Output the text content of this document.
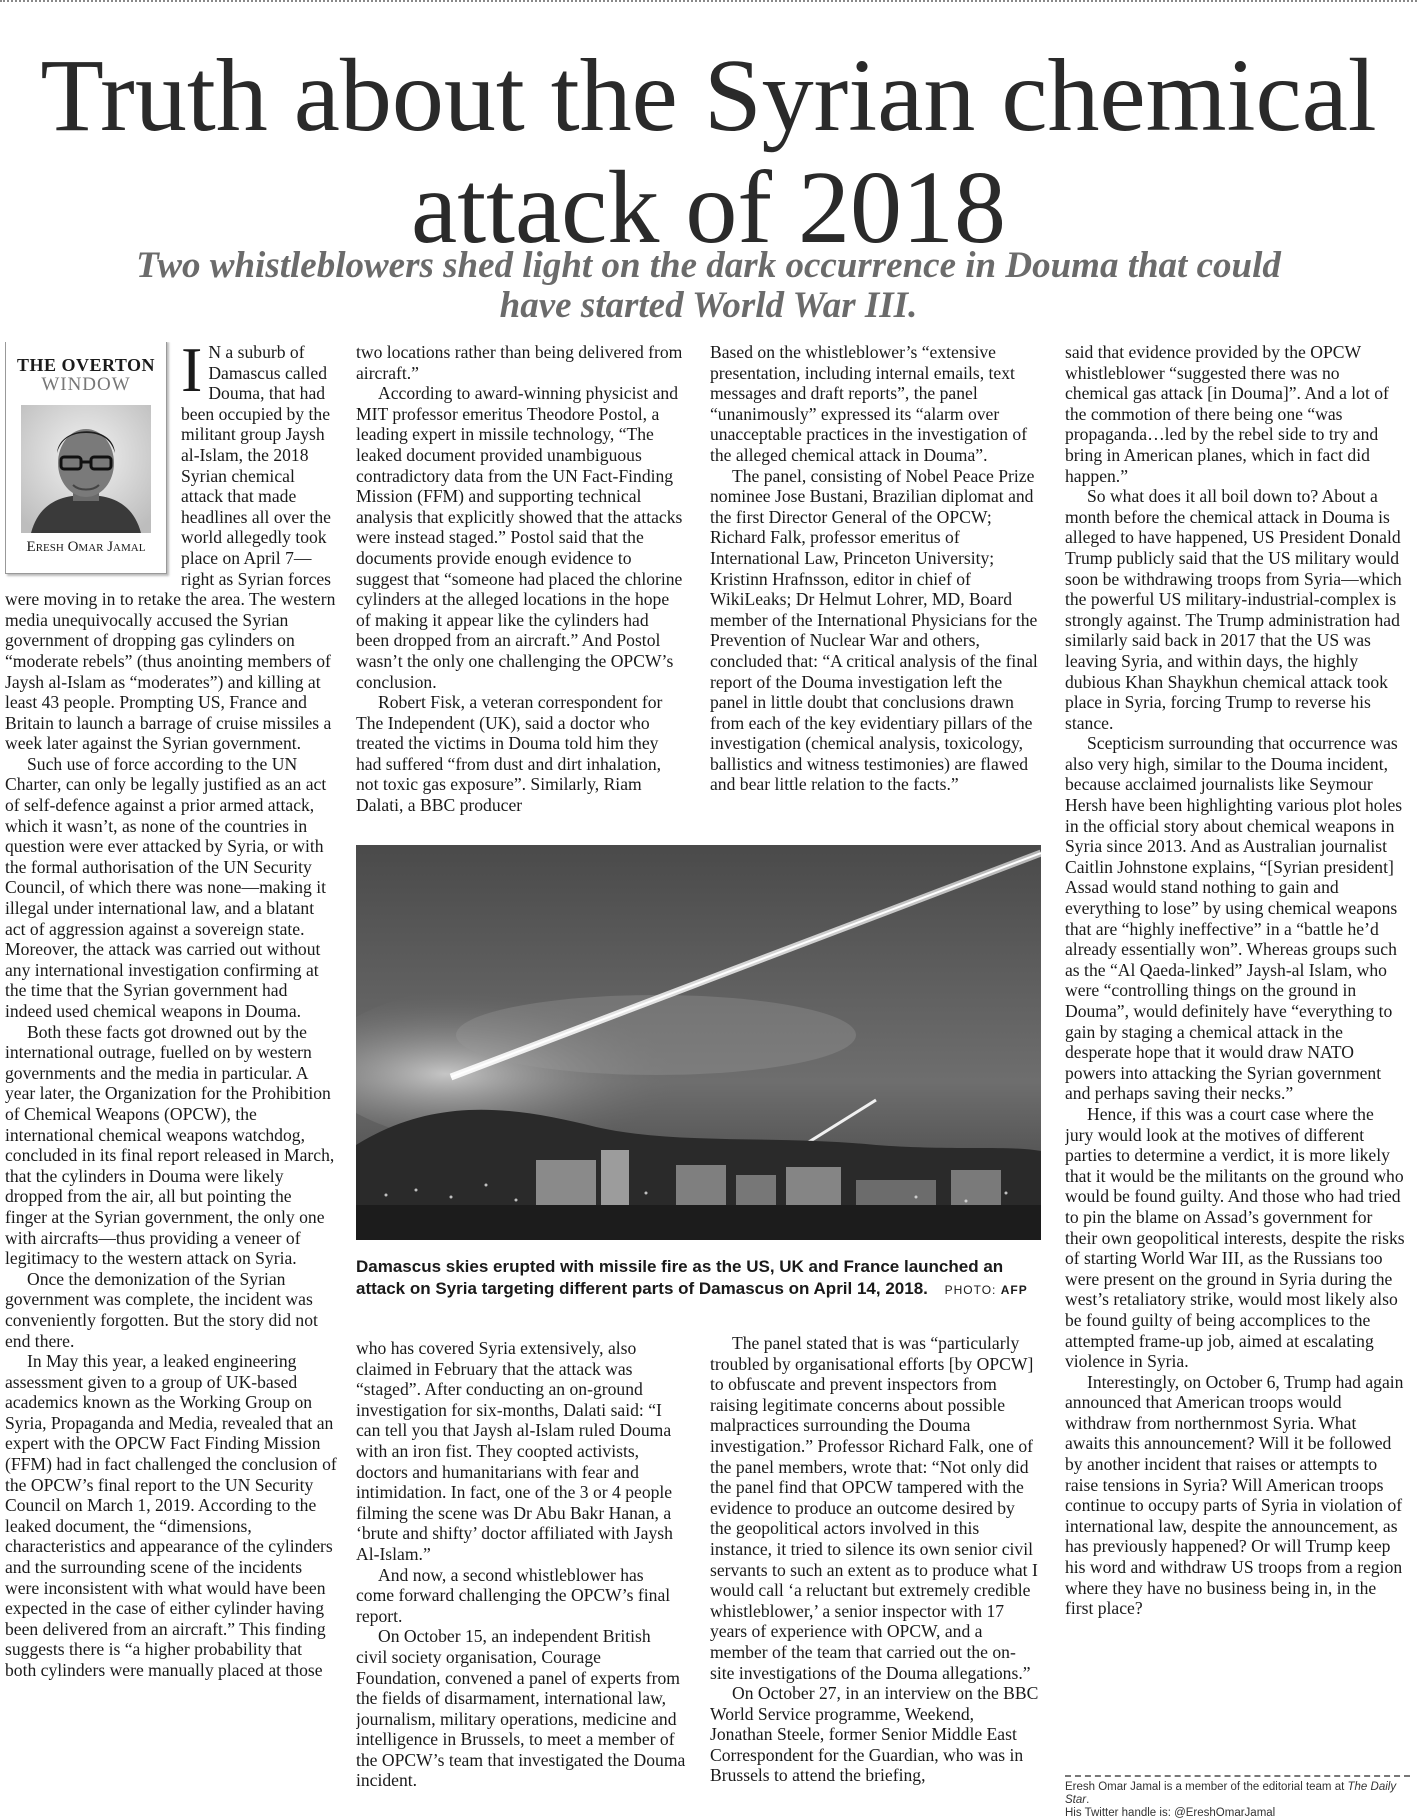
Truth about the Syrian chemical attack of 2018
Two whistleblowers shed light on the dark occurrence in Douma that could have started World War III.
THE OVERTON
WINDOW
Eresh Omar Jamal
I N a suburb of Damascus called Douma, that had been occupied by the militant group Jaysh al-Islam, the 2018 Syrian chemical attack that made headlines all over the world allegedly took place on April 7—right as Syrian forces were moving in to retake the area. The western media unequivocally accused the Syrian government of dropping gas cylinders on “moderate rebels” (thus anointing members of Jaysh al-Islam as “moderates”) and killing at least 43 people. Prompting US, France and Britain to launch a barrage of cruise missiles a week later against the Syrian government.

Such use of force according to the UN Charter, can only be legally justified as an act of self-defence against a prior armed attack, which it wasn’t, as none of the countries in question were ever attacked by Syria, or with the formal authorisation of the UN Security Council, of which there was none—making it illegal under international law, and a blatant act of aggression against a sovereign state. Moreover, the attack was carried out without any international investigation confirming at the time that the Syrian government had indeed used chemical weapons in Douma.

Both these facts got drowned out by the international outrage, fuelled on by western governments and the media in particular. A year later, the Organization for the Prohibition of Chemical Weapons (OPCW), the international chemical weapons watchdog, concluded in its final report released in March, that the cylinders in Douma were likely dropped from the air, all but pointing the finger at the Syrian government, the only one with aircrafts—thus providing a veneer of legitimacy to the western attack on Syria.

Once the demonization of the Syrian government was complete, the incident was conveniently forgotten. But the story did not end there.

In May this year, a leaked engineering assessment given to a group of UK-based academics known as the Working Group on Syria, Propaganda and Media, revealed that an expert with the OPCW Fact Finding Mission (FFM) had in fact challenged the conclusion of the OPCW’s final report to the UN Security Council on March 1, 2019. According to the leaked document, the “dimensions, characteristics and appearance of the cylinders and the surrounding scene of the incidents were inconsistent with what would have been expected in the case of either cylinder having been delivered from an aircraft.” This finding suggests there is “a higher probability that both cylinders were manually placed at those

two locations rather than being delivered from aircraft.”

According to award-winning physicist and MIT professor emeritus Theodore Postol, a leading expert in missile technology, “The leaked document provided unambiguous contradictory data from the UN Fact-Finding Mission (FFM) and supporting technical analysis that explicitly showed that the attacks were instead staged.” Postol said that the documents provide enough evidence to suggest that “someone had placed the chlorine cylinders at the alleged locations in the hope of making it appear like the cylinders had been dropped from an aircraft.” And Postol wasn’t the only one challenging the OPCW’s conclusion.

Robert Fisk, a veteran correspondent for The Independent (UK), said a doctor who treated the victims in Douma told him they had suffered “from dust and dirt inhalation, not toxic gas exposure”. Similarly, Riam Dalati, a BBC producer

Based on the whistleblower’s “extensive presentation, including internal emails, text messages and draft reports”, the panel “unanimously” expressed its “alarm over unacceptable practices in the investigation of the alleged chemical attack in Douma”.

The panel, consisting of Nobel Peace Prize nominee Jose Bustani, Brazilian diplomat and the first Director General of the OPCW; Richard Falk, professor emeritus of International Law, Princeton University; Kristinn Hrafnsson, editor in chief of WikiLeaks; Dr Helmut Lohrer, MD, Board member of the International Physicians for the Prevention of Nuclear War and others, concluded that: “A critical analysis of the final report of the Douma investigation left the panel in little doubt that conclusions drawn from each of the key evidentiary pillars of the investigation (chemical analysis, toxicology, ballistics and witness testimonies) are flawed and bear little relation to the facts.”

Damascus skies erupted with missile fire as the US, UK and France launched an attack on Syria targeting different parts of Damascus on April 14, 2018. PHOTO: AFP

who has covered Syria extensively, also claimed in February that the attack was “staged”. After conducting an on-ground investigation for six-months, Dalati said: “I can tell you that Jaysh al-Islam ruled Douma with an iron fist. They coopted activists, doctors and humanitarians with fear and intimidation. In fact, one of the 3 or 4 people filming the scene was Dr Abu Bakr Hanan, a ‘brute and shifty’ doctor affiliated with Jaysh Al-Islam.”

And now, a second whistleblower has come forward challenging the OPCW’s final report.

On October 15, an independent British civil society organisation, Courage Foundation, convened a panel of experts from the fields of disarmament, international law, journalism, military operations, medicine and intelligence in Brussels, to meet a member of the OPCW’s team that investigated the Douma incident.

The panel stated that is was “particularly troubled by organisational efforts [by OPCW] to obfuscate and prevent inspectors from raising legitimate concerns about possible malpractices surrounding the Douma investigation.” Professor Richard Falk, one of the panel members, wrote that: “Not only did the panel find that OPCW tampered with the evidence to produce an outcome desired by the geopolitical actors involved in this instance, it tried to silence its own senior civil servants to such an extent as to produce what I would call ‘a reluctant but extremely credible whistleblower,’ a senior inspector with 17 years of experience with OPCW, and a member of the team that carried out the on-site investigations of the Douma allegations.”

On October 27, in an interview on the BBC World Service programme, Weekend, Jonathan Steele, former Senior Middle East Correspondent for the Guardian, who was in Brussels to attend the briefing,

said that evidence provided by the OPCW whistleblower “suggested there was no chemical gas attack [in Douma]”. And a lot of the commotion of there being one “was propaganda…led by the rebel side to try and bring in American planes, which in fact did happen.”

So what does it all boil down to? About a month before the chemical attack in Douma is alleged to have happened, US President Donald Trump publicly said that the US military would soon be withdrawing troops from Syria—which the powerful US military-industrial-complex is strongly against. The Trump administration had similarly said back in 2017 that the US was leaving Syria, and within days, the highly dubious Khan Shaykhun chemical attack took place in Syria, forcing Trump to reverse his stance.

Scepticism surrounding that occurrence was also very high, similar to the Douma incident, because acclaimed journalists like Seymour Hersh have been highlighting various plot holes in the official story about chemical weapons in Syria since 2013. And as Australian journalist Caitlin Johnstone explains, “[Syrian president] Assad would stand nothing to gain and everything to lose” by using chemical weapons that are “highly ineffective” in a “battle he’d already essentially won”. Whereas groups such as the “Al Qaeda-linked” Jaysh-al Islam, who were “controlling things on the ground in Douma”, would definitely have “everything to gain by staging a chemical attack in the desperate hope that it would draw NATO powers into attacking the Syrian government and perhaps saving their necks.”

Hence, if this was a court case where the jury would look at the motives of different parties to determine a verdict, it is more likely that it would be the militants on the ground who would be found guilty. And those who had tried to pin the blame on Assad’s government for their own geopolitical interests, despite the risks of starting World War III, as the Russians too were present on the ground in Syria during the west’s retaliatory strike, would most likely also be found guilty of being accomplices to the attempted frame-up job, aimed at escalating violence in Syria.

Interestingly, on October 6, Trump had again announced that American troops would withdraw from northernmost Syria. What awaits this announcement? Will it be followed by another incident that raises or attempts to raise tensions in Syria? Will American troops continue to occupy parts of Syria in violation of international law, despite the announcement, as has previously happened? Or will Trump keep his word and withdraw US troops from a region where they have no business being in, in the first place?

Eresh Omar Jamal is a member of the editorial team at The Daily Star.
His Twitter handle is: @EreshOmarJamal
